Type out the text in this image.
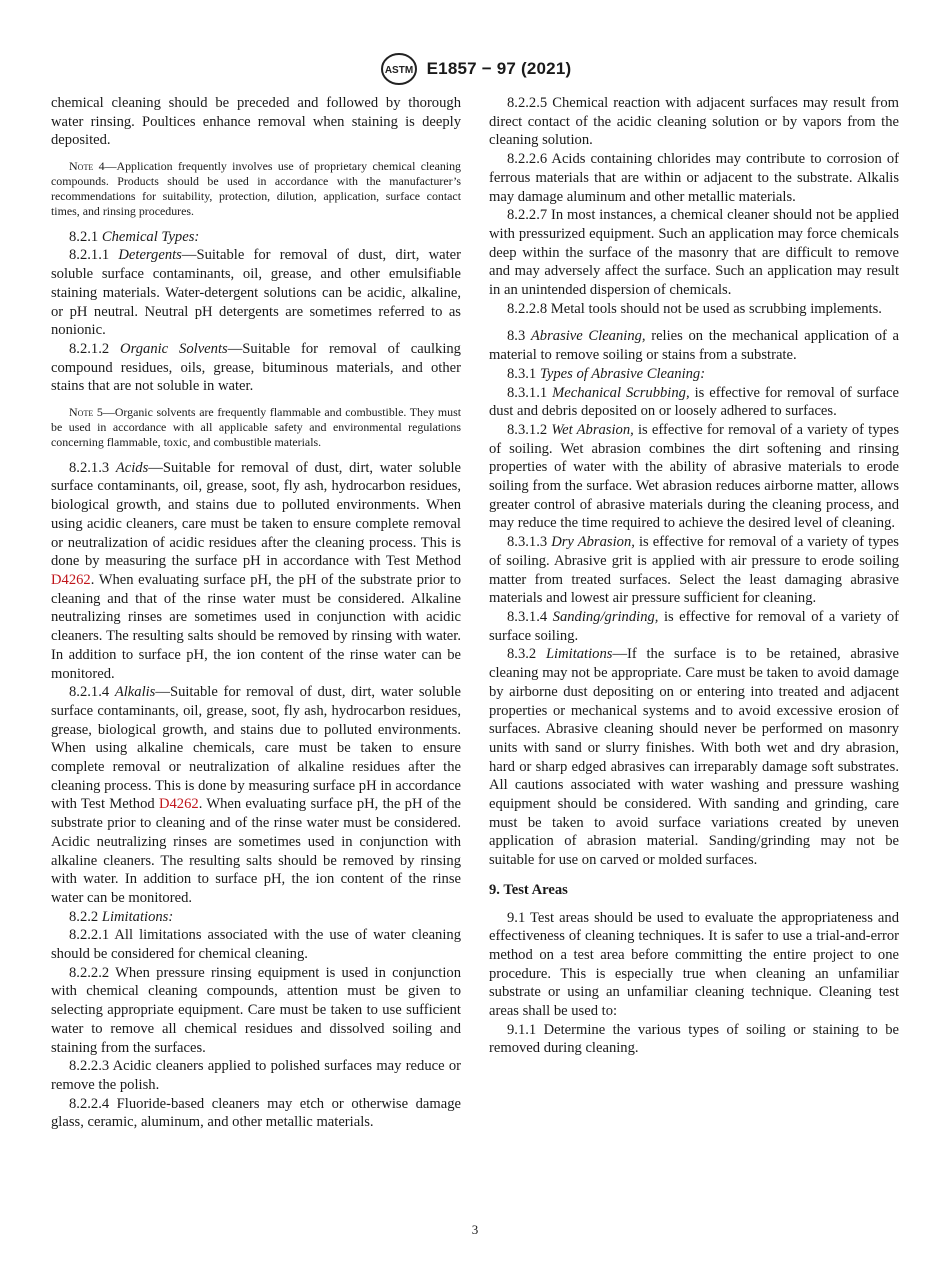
ASTM E1857 − 97 (2021)

chemical cleaning should be preceded and followed by thorough water rinsing. Poultices enhance removal when staining is deeply deposited.

Note 4—Application frequently involves use of proprietary chemical cleaning compounds. Products should be used in accordance with the manufacturer’s recommendations for suitability, protection, dilution, application, surface contact times, and rinsing procedures.

8.2.1 Chemical Types:

8.2.1.1 Detergents—Suitable for removal of dust, dirt, water soluble surface contaminants, oil, grease, and other emulsifiable staining materials. Water-detergent solutions can be acidic, alkaline, or pH neutral. Neutral pH detergents are sometimes referred to as nonionic.

8.2.1.2 Organic Solvents—Suitable for removal of caulking compound residues, oils, grease, bituminous materials, and other stains that are not soluble in water.

Note 5—Organic solvents are frequently flammable and combustible. They must be used in accordance with all applicable safety and environmental regulations concerning flammable, toxic, and combustible materials.

8.2.1.3 Acids—Suitable for removal of dust, dirt, water soluble surface contaminants, oil, grease, soot, fly ash, hydrocarbon residues, biological growth, and stains due to polluted environments. When using acidic cleaners, care must be taken to ensure complete removal or neutralization of acidic residues after the cleaning process. This is done by measuring the surface pH in accordance with Test Method D4262. When evaluating surface pH, the pH of the substrate prior to cleaning and that of the rinse water must be considered. Alkaline neutralizing rinses are sometimes used in conjunction with acidic cleaners. The resulting salts should be removed by rinsing with water. In addition to surface pH, the ion content of the rinse water can be monitored.

8.2.1.4 Alkalis—Suitable for removal of dust, dirt, water soluble surface contaminants, oil, grease, soot, fly ash, hydrocarbon residues, grease, biological growth, and stains due to polluted environments. When using alkaline chemicals, care must be taken to ensure complete removal or neutralization of alkaline residues after the cleaning process. This is done by measuring surface pH in accordance with Test Method D4262. When evaluating surface pH, the pH of the substrate prior to cleaning and of the rinse water must be considered. Acidic neutralizing rinses are sometimes used in conjunction with alkaline cleaners. The resulting salts should be removed by rinsing with water. In addition to surface pH, the ion content of the rinse water can be monitored.

8.2.2 Limitations:

8.2.2.1 All limitations associated with the use of water cleaning should be considered for chemical cleaning.

8.2.2.2 When pressure rinsing equipment is used in conjunction with chemical cleaning compounds, attention must be given to selecting appropriate equipment. Care must be taken to use sufficient water to remove all chemical residues and dissolved soiling and staining from the surfaces.

8.2.2.3 Acidic cleaners applied to polished surfaces may reduce or remove the polish.

8.2.2.4 Fluoride-based cleaners may etch or otherwise damage glass, ceramic, aluminum, and other metallic materials.

8.2.2.5 Chemical reaction with adjacent surfaces may result from direct contact of the acidic cleaning solution or by vapors from the cleaning solution.

8.2.2.6 Acids containing chlorides may contribute to corrosion of ferrous materials that are within or adjacent to the substrate. Alkalis may damage aluminum and other metallic materials.

8.2.2.7 In most instances, a chemical cleaner should not be applied with pressurized equipment. Such an application may force chemicals deep within the surface of the masonry that are difficult to remove and may adversely affect the surface. Such an application may result in an unintended dispersion of chemicals.

8.2.2.8 Metal tools should not be used as scrubbing implements.

8.3 Abrasive Cleaning, relies on the mechanical application of a material to remove soiling or stains from a substrate.

8.3.1 Types of Abrasive Cleaning:

8.3.1.1 Mechanical Scrubbing, is effective for removal of surface dust and debris deposited on or loosely adhered to surfaces.

8.3.1.2 Wet Abrasion, is effective for removal of a variety of types of soiling. Wet abrasion combines the dirt softening and rinsing properties of water with the ability of abrasive materials to erode soiling from the surface. Wet abrasion reduces airborne matter, allows greater control of abrasive materials during the cleaning process, and may reduce the time required to achieve the desired level of cleaning.

8.3.1.3 Dry Abrasion, is effective for removal of a variety of types of soiling. Abrasive grit is applied with air pressure to erode soiling matter from treated surfaces. Select the least damaging abrasive materials and lowest air pressure sufficient for cleaning.

8.3.1.4 Sanding/grinding, is effective for removal of a variety of surface soiling.

8.3.2 Limitations—If the surface is to be retained, abrasive cleaning may not be appropriate. Care must be taken to avoid damage by airborne dust depositing on or entering into treated and adjacent properties or mechanical systems and to avoid excessive erosion of surfaces. Abrasive cleaning should never be performed on masonry units with sand or slurry finishes. With both wet and dry abrasion, hard or sharp edged abrasives can irreparably damage soft substrates. All cautions associated with water washing and pressure washing equipment should be considered. With sanding and grinding, care must be taken to avoid surface variations created by uneven application of abrasion material. Sanding/grinding may not be suitable for use on carved or molded surfaces.

9. Test Areas

9.1 Test areas should be used to evaluate the appropriateness and effectiveness of cleaning techniques. It is safer to use a trial-and-error method on a test area before committing the entire project to one procedure. This is especially true when cleaning an unfamiliar substrate or using an unfamiliar cleaning technique. Cleaning test areas shall be used to:

9.1.1 Determine the various types of soiling or staining to be removed during cleaning.

3
